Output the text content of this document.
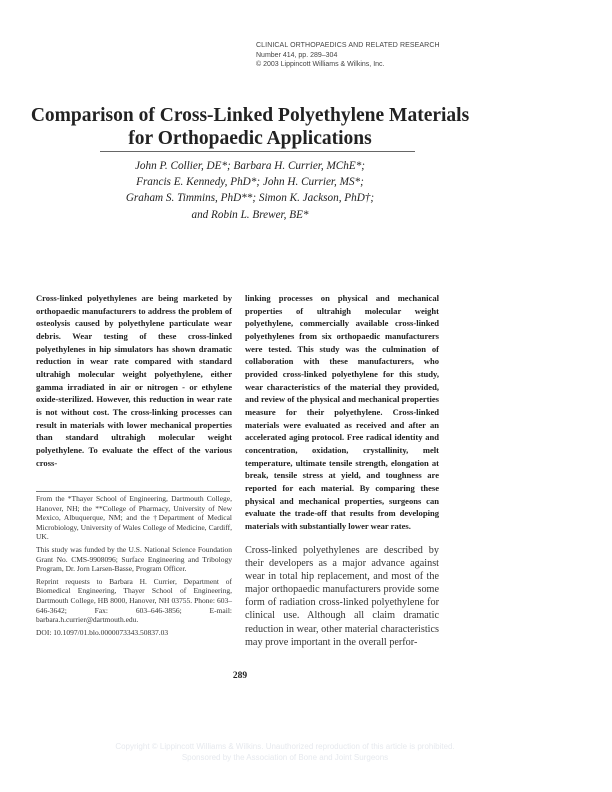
CLINICAL ORTHOPAEDICS AND RELATED RESEARCH
Number 414, pp. 289–304
© 2003 Lippincott Williams & Wilkins, Inc.
Comparison of Cross-Linked Polyethylene Materials for Orthopaedic Applications
John P. Collier, DE*; Barbara H. Currier, MChE*;
Francis E. Kennedy, PhD*; John H. Currier, MS*;
Graham S. Timmins, PhD**; Simon K. Jackson, PhD†;
and Robin L. Brewer, BE*
Cross-linked polyethylenes are being marketed by orthopaedic manufacturers to address the problem of osteolysis caused by polyethylene particulate wear debris. Wear testing of these cross-linked polyethylenes in hip simulators has shown dramatic reduction in wear rate compared with standard ultrahigh molecular weight polyethylene, either gamma irradiated in air or nitrogen - or ethylene oxide-sterilized. However, this reduction in wear rate is not without cost. The cross-linking processes can result in materials with lower mechanical properties than standard ultrahigh molecular weight polyethylene. To evaluate the effect of the various cross-
linking processes on physical and mechanical properties of ultrahigh molecular weight polyethylene, commercially available cross-linked polyethylenes from six orthopaedic manufacturers were tested. This study was the culmination of collaboration with these manufacturers, who provided cross-linked polyethylene for this study, wear characteristics of the material they provided, and review of the physical and mechanical properties measure for their polyethylene. Cross-linked materials were evaluated as received and after an accelerated aging protocol. Free radical identity and concentration, oxidation, crystallinity, melt temperature, ultimate tensile strength, elongation at break, tensile stress at yield, and toughness are reported for each material. By comparing these physical and mechanical properties, surgeons can evaluate the trade-off that results from developing materials with substantially lower wear rates.

From the *Thayer School of Engineering, Dartmouth College, Hanover, NH; the **College of Pharmacy, University of New Mexico, Albuquerque, NM; and the †Department of Medical Microbiology, University of Wales College of Medicine, Cardiff, UK.

This study was funded by the U.S. National Science Foundation Grant No. CMS-9908096; Surface Engineering and Tribology Program, Dr. Jorn Larsen-Basse, Program Officer.

Reprint requests to Barbara H. Currier, Department of Biomedical Engineering, Thayer School of Engineering, Dartmouth College, HB 8000, Hanover, NH 03755. Phone: 603–646-3642; Fax: 603–646-3856; E-mail: barbara.h.currier@dartmouth.edu.

DOI: 10.1097/01.blo.0000073343.50837.03

Cross-linked polyethylenes are described by their developers as a major advance against wear in total hip replacement, and most of the major orthopaedic manufacturers provide some form of radiation cross-linked polyethylene for clinical use. Although all claim dramatic reduction in wear, other material characteristics may prove important in the overall perfor-
289
Copyright © Lippincott Williams & Wilkins. Unauthorized reproduction of this article is prohibited.
Sponsored by the Association of Bone and Joint Surgeons
